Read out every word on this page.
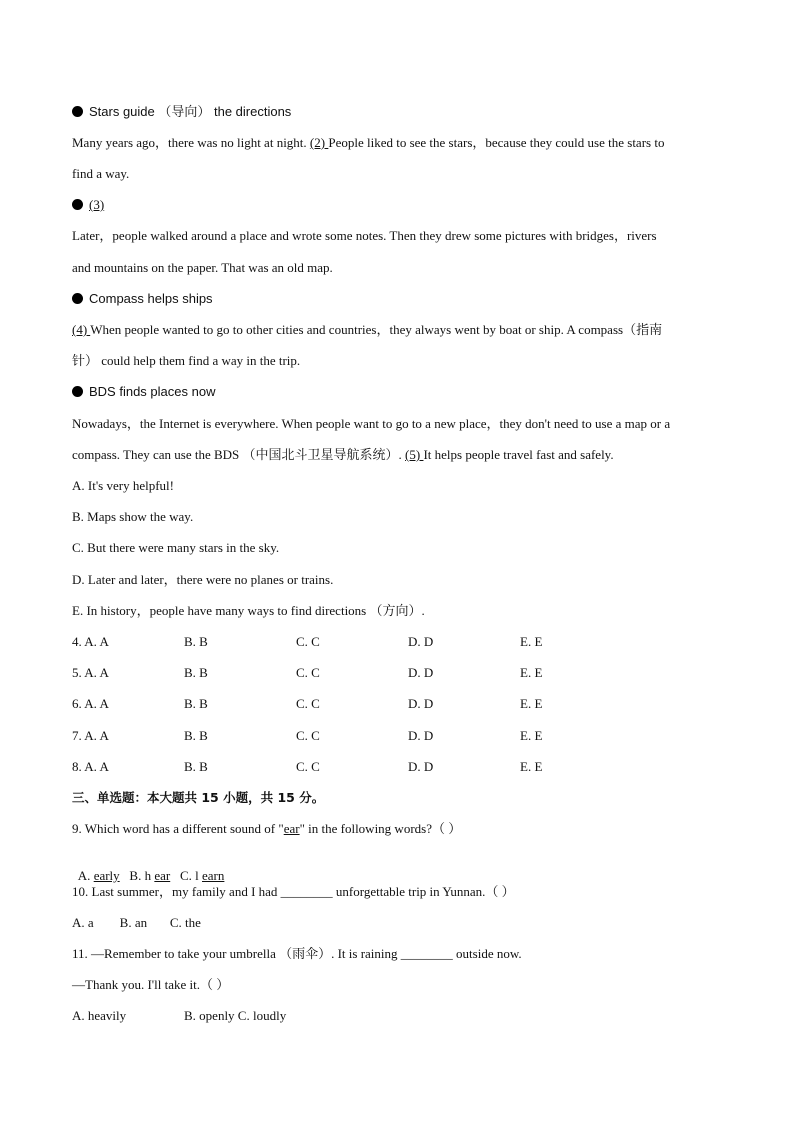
Stars guide （导向） the directions
Many years ago，there was no light at night. (2) People liked to see the stars，because they could use the stars to
find a way.
(3)
Later，people walked around a place and wrote some notes. Then they drew some pictures with bridges，rivers
and mountains on the paper. That was an old map.
Compass helps ships
(4) When people wanted to go to other cities and countries，they always went by boat or ship. A compass（指南
针） could help them find a way in the trip.
BDS finds places now
Nowadays，the Internet is everywhere. When people want to go to a new place，they don't need to use a map or a
compass. They can use the BDS （中国北斗卫星导航系统）. (5) It helps people travel fast and safely.
A. It's very helpful!
B. Maps show the way.
C. But there were many stars in the sky.
D. Later and later，there were no planes or trains.
E. In history，people have many ways to find directions （方向）.
4. A. A	B. B	C. C	D. D	E. E
5. A. A	B. B	C. C	D. D	E. E
6. A. A	B. B	C. C	D. D	E. E
7. A. A	B. B	C. C	D. D	E. E
8. A. A	B. B	C. C	D. D	E. E
三、单选题：本大题共 15 小题，共 15 分。
9. Which word has a different sound of "ear" in the following words?（ ）

A. early   B. h ear   C. l earn

10. Last summer，my family and I had ________ unforgettable trip in Yunnan.（ ）
A. a        B. an       C. the
11. —Remember to take your umbrella （雨伞）. It is raining ________ outside now.
—Thank you. I'll take it.（ ）
A. heavily	B. openly C. loudly
